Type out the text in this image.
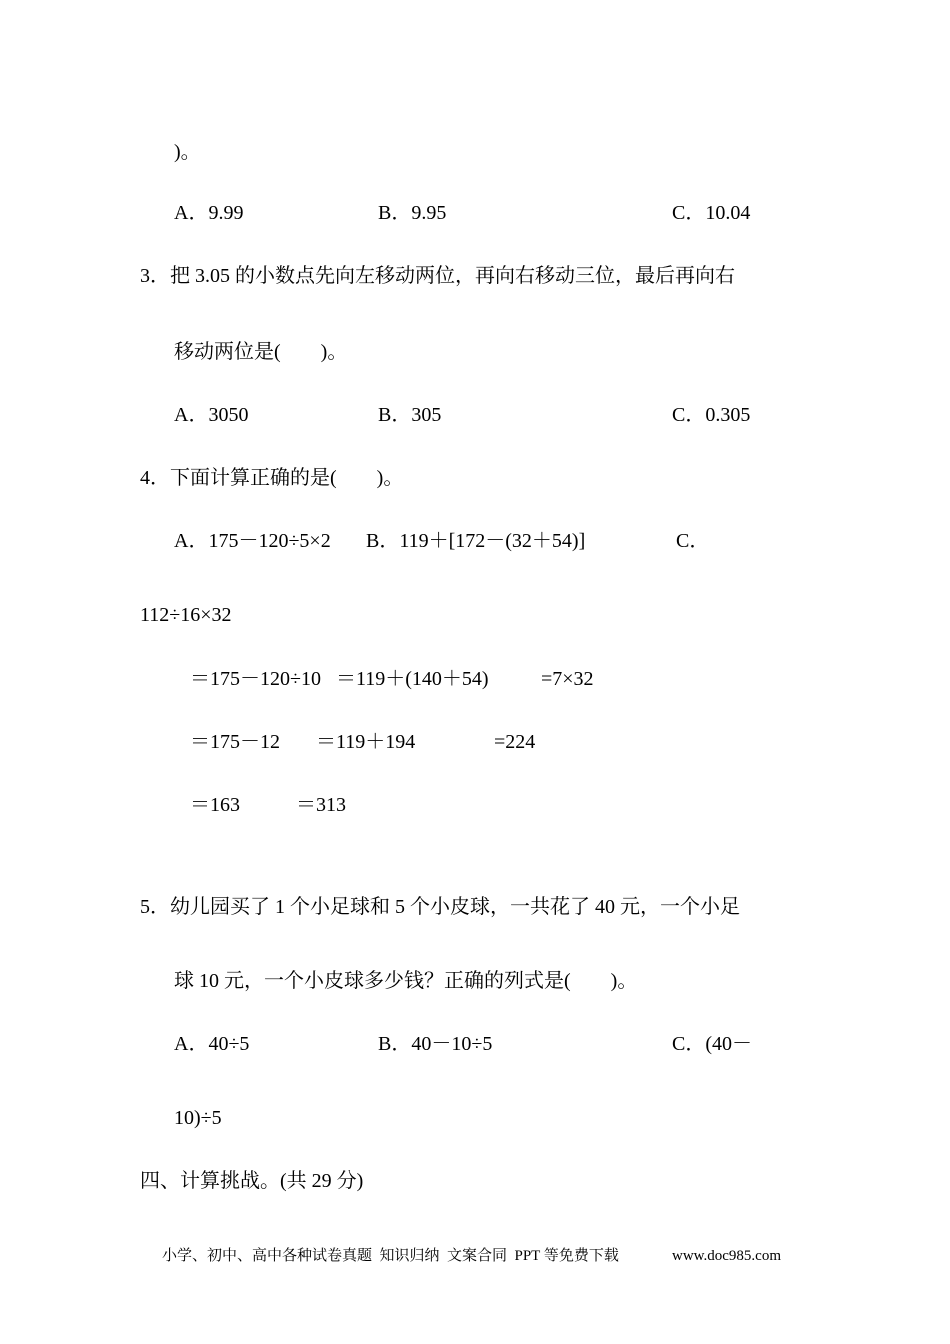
)。
A．9.99	B．9.95	C．10.04
3．把 3.05 的小数点先向左移动两位，再向右移动三位，最后再向右
移动两位是(　　)。
A．3050	B．305	C．0.305
4．下面计算正确的是(　　)。
A．175－120÷5×2 B．119＋[172－(32＋54)]	C．
112÷16×32
＝175－120÷10 ＝119＋(140＋54)	=7×32
＝175－12 ＝119＋194	=224
＝163	＝313
5．幼儿园买了 1 个小足球和 5 个小皮球，一共花了 40 元，一个小足
球 10 元，一个小皮球多少钱？正确的列式是(　　)。
A．40÷5	B．40－10÷5	C．(40－
10)÷5
四、计算挑战。(共 29 分)
小学、初中、高中各种试卷真题  知识归纳  文案合同  PPT 等免费下载	www.doc985.com
